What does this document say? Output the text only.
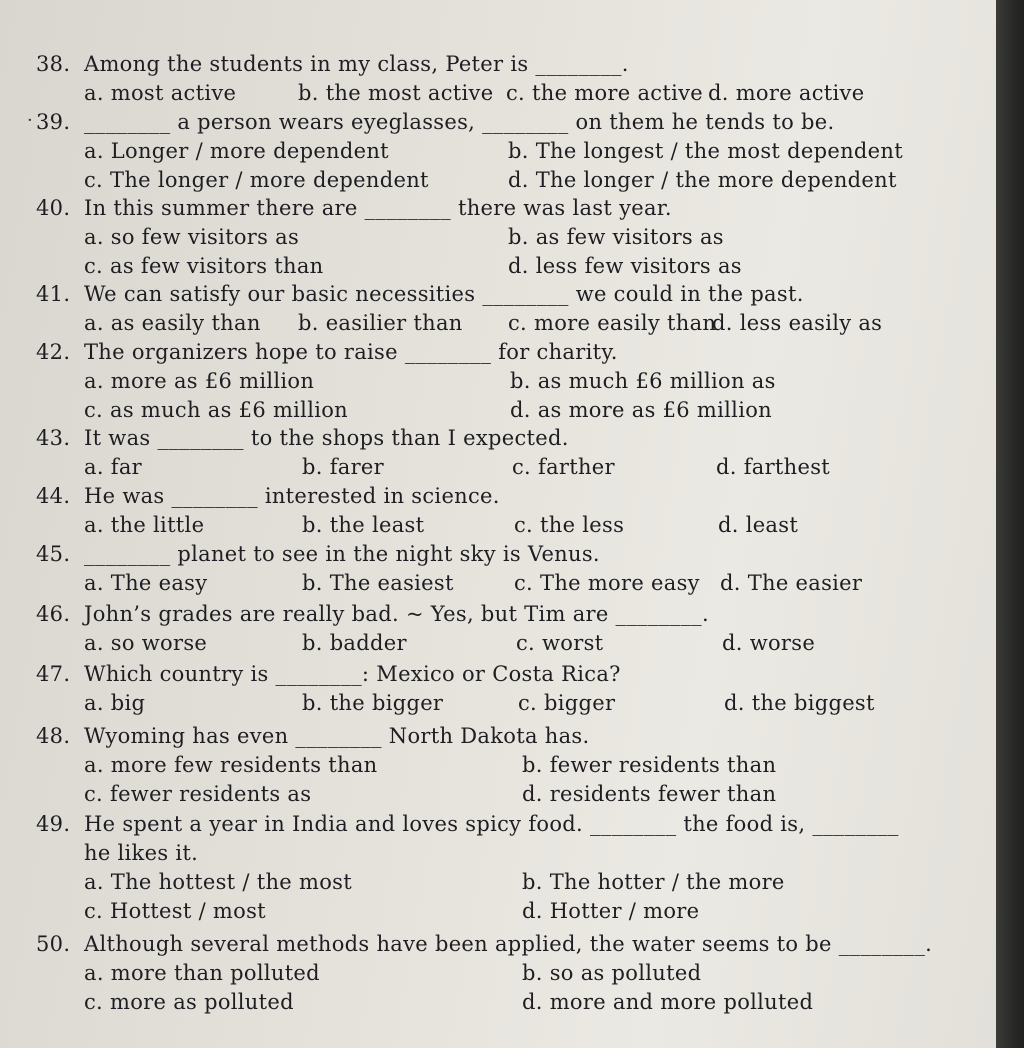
·
38. Among the students in my class, Peter is ________.
a. most active	b. the most active c. the more active d. more active
39. ________ a person wears eyeglasses, ________ on them he tends to be.
a. Longer / more dependent	b. The longest / the most dependent
c. The longer / more dependent	d. The longer / the more dependent
40. In this summer there are ________ there was last year.
a. so few visitors as	b. as few visitors as
c. as few visitors than	d. less few visitors as
41. We can satisfy our basic necessities ________ we could in the past.
a. as easily than b. easilier than c. more easily than
d. less easily as
42. The organizers hope to raise ________ for charity.
a. more as £6 million	b. as much £6 million as
c. as much as £6 million	d. as more as £6 million
43. It was ________ to the shops than I expected.
a. far	b. farer	c. farther	d. farthest
44. He was ________ interested in science.
a. the little	b. the least	c. the less	d. least
45. ________ planet to see in the night sky is Venus.
a. The easy	b. The easiest	c. The more easy d. The easier
46. John’s grades are really bad. ~ Yes, but Tim are ________.
a. so worse	b. badder	c. worst	d. worse
47. Which country is ________: Mexico or Costa Rica?
a. big	b. the bigger	c. bigger	d. the biggest
48. Wyoming has even ________ North Dakota has.
a. more few residents than	b. fewer residents than
c. fewer residents as	d. residents fewer than
49. He spent a year in India and loves spicy food. ________ the food is, ________
he likes it.
a. The hottest / the most	b. The hotter / the more
c. Hottest / most	d. Hotter / more
50. Although several methods have been applied, the water seems to be ________.
a. more than polluted	b. so as polluted
c. more as polluted	d. more and more polluted
